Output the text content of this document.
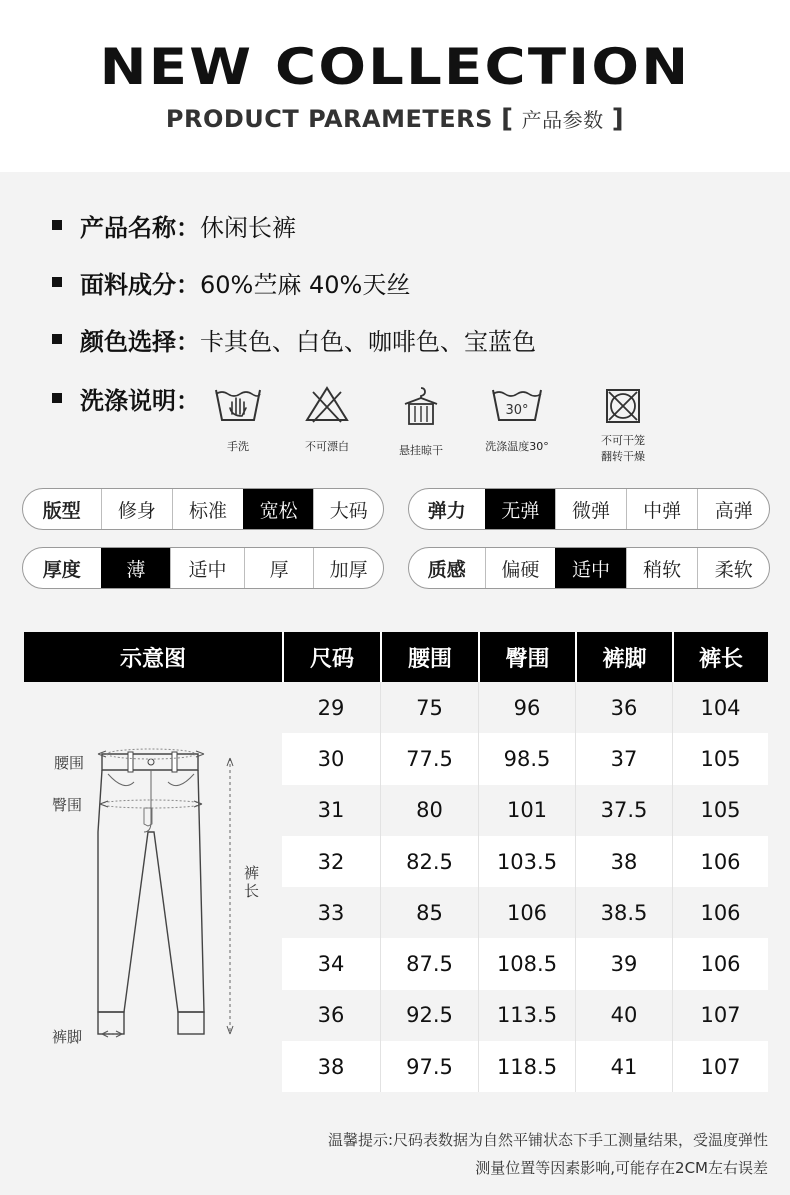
NEW COLLECTION
PRODUCT PARAMETERS [ 产品参数 ]
产品名称： 休闲长裤
面料成分： 60%苎麻 40%天丝
颜色选择： 卡其色、白色、咖啡色、宝蓝色
洗涤说明：
手洗	不可漂白	悬挂晾干
30°
洗涤温度30°	不可干笼
翻转干燥
版型	修身	标准	宽松	大码	弹力	无弹	微弹	中弹	高弹
厚度	薄	适中	厚	加厚	质感	偏硬	适中	稍软	柔软
示意图	尺码	腰围	臀围	裤脚	裤长
29	75	96	36	104
30	77.5	98.5	37	105
31	80	101	37.5	105
32	82.5	103.5	38	106
33	85	106	38.5	106
34	87.5	108.5	39	106
36	92.5	113.5	40	107
38	97.5	118.5	41	107
腰围
臀围
裤
长
裤脚
温馨提示:尺码表数据为自然平铺状态下手工测量结果，受温度弹性
测量位置等因素影响,可能存在2CM左右误差
